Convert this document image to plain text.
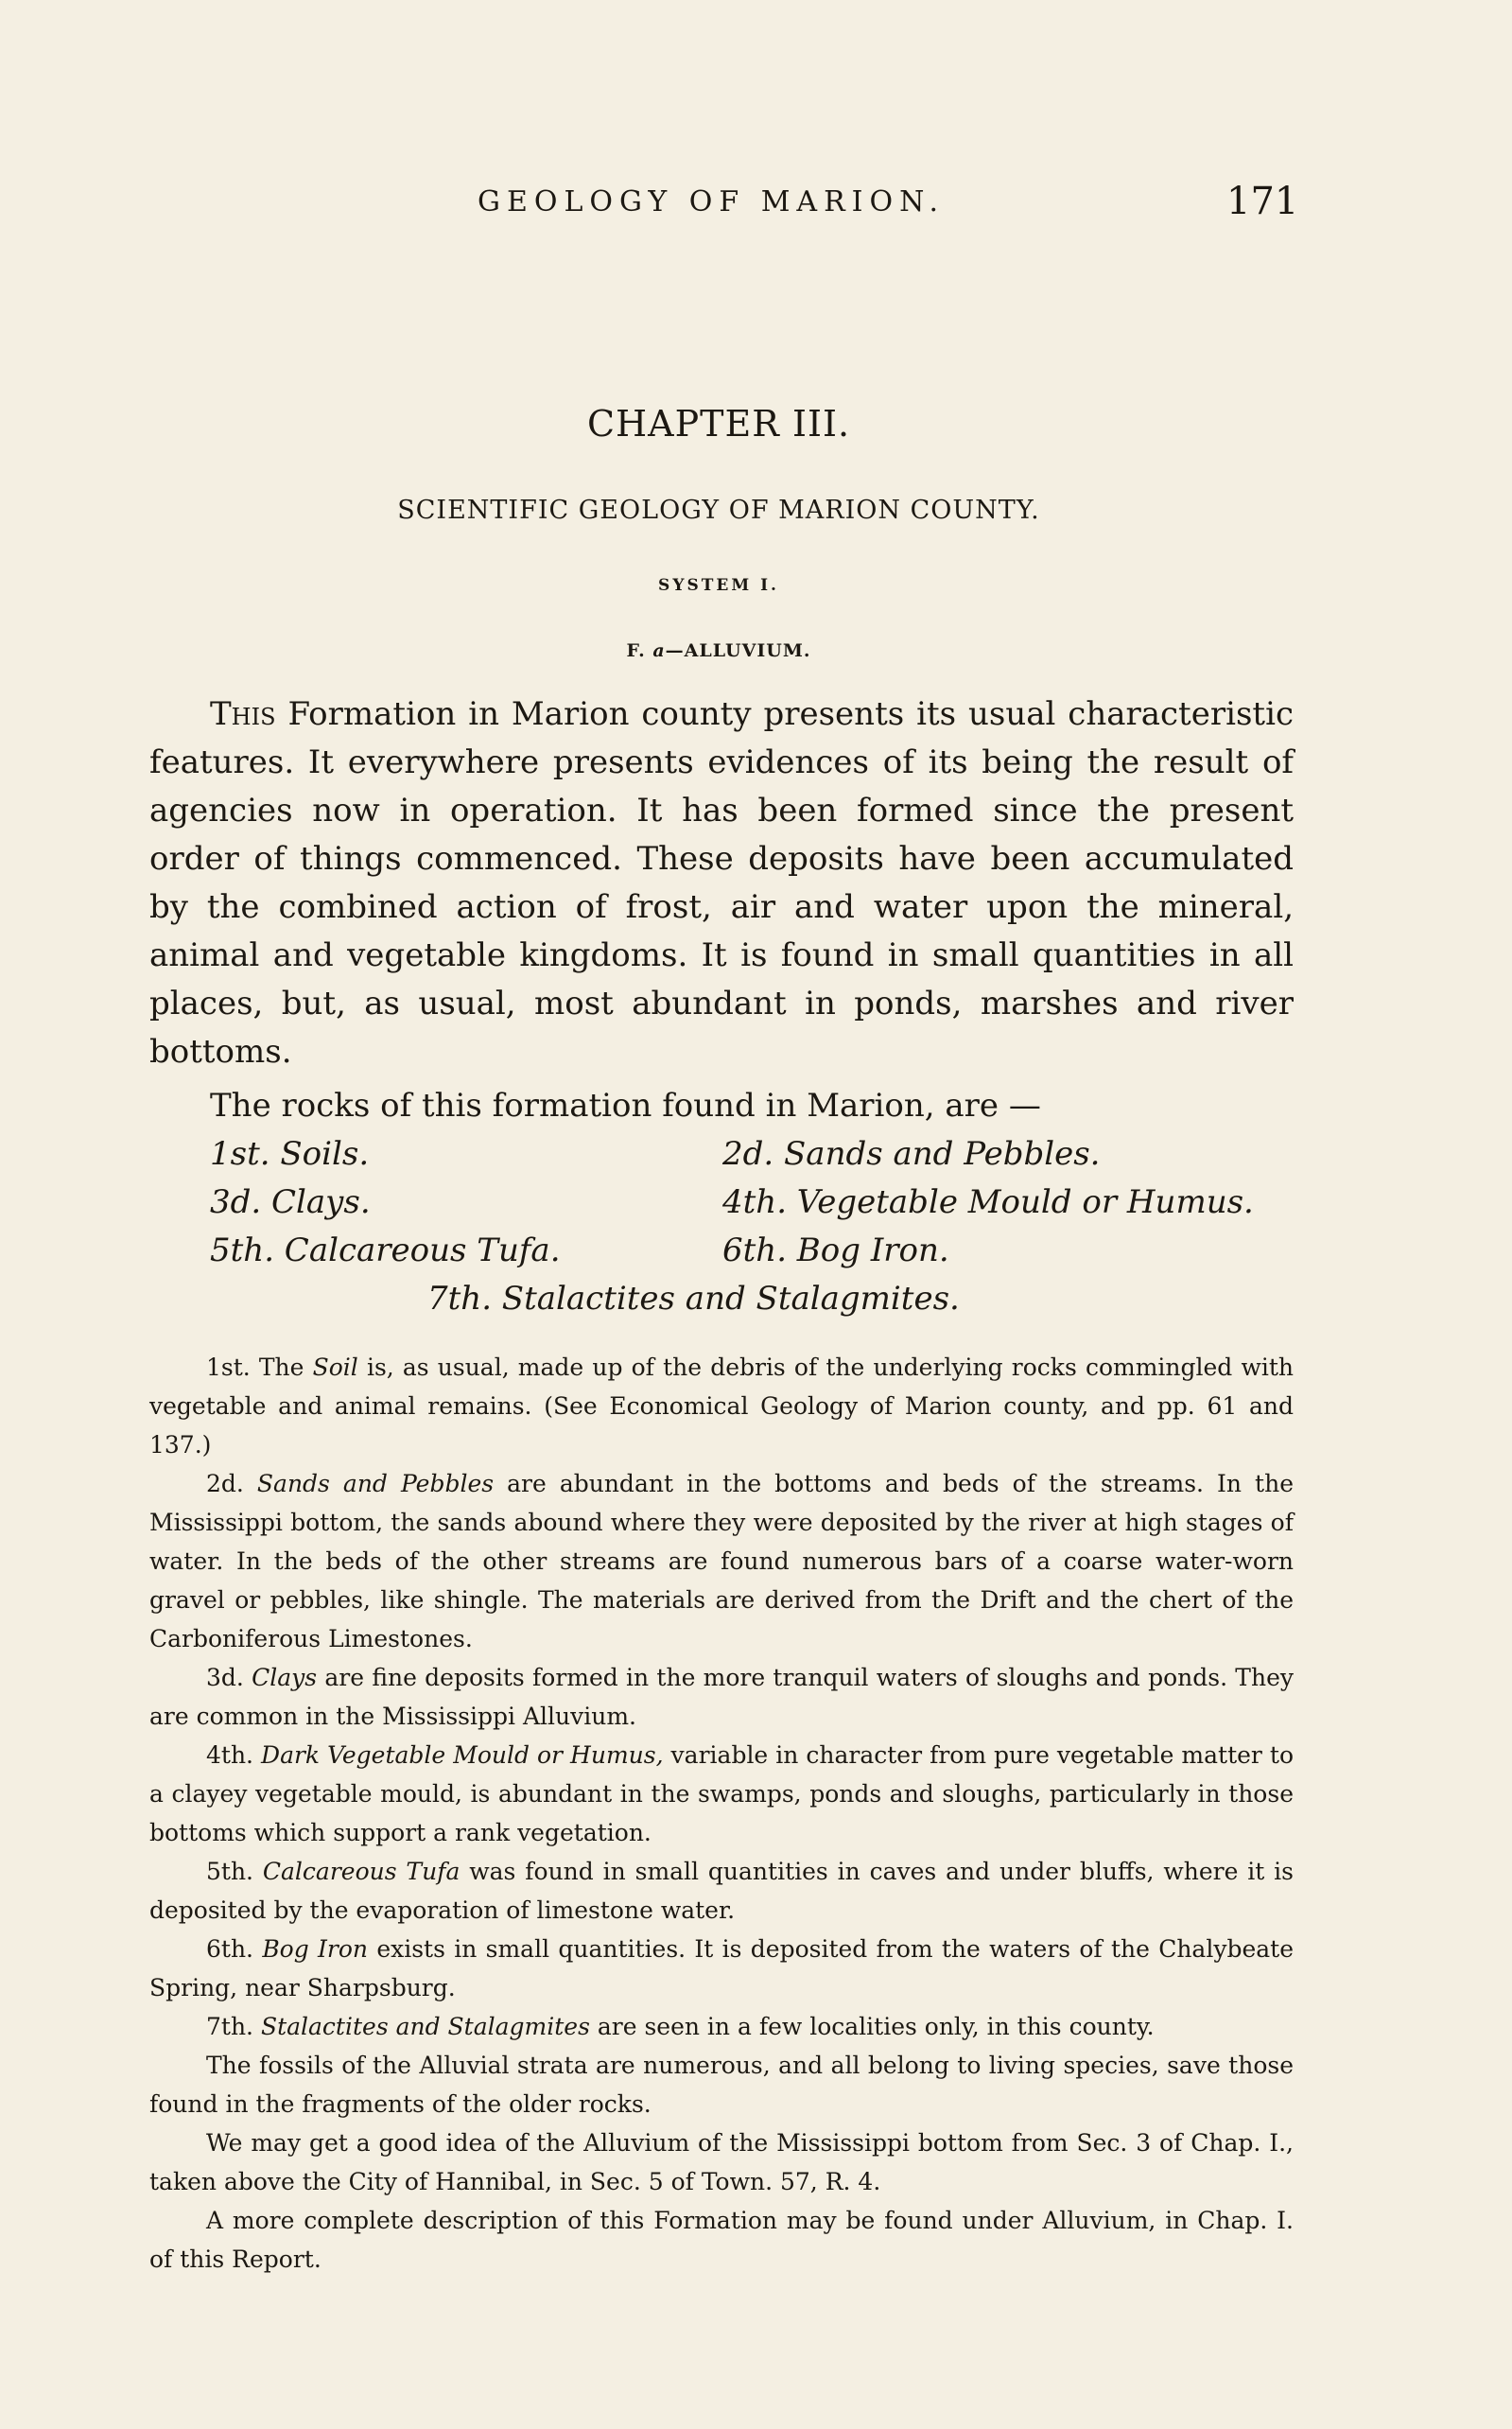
GEOLOGY OF MARION.	171
CHAPTER III.
SCIENTIFIC GEOLOGY OF MARION COUNTY.
SYSTEM I.
F. a—ALLUVIUM.

This Formation in Marion county presents its usual characteristic features. It everywhere presents evidences of its being the result of agencies now in operation. It has been formed since the present order of things commenced. These deposits have been accumulated by the combined action of frost, air and water upon the mineral, animal and vegetable kingdoms. It is found in small quantities in all places, but, as usual, most abundant in ponds, marshes and river bottoms.

The rocks of this formation found in Marion, are —

1st. Soils.	2d. Sands and Pebbles.
3d. Clays.	4th. Vegetable Mould or Humus.
5th. Calcareous Tufa.	6th. Bog Iron.
7th. Stalactites and Stalagmites.

1st. The Soil is, as usual, made up of the debris of the underlying rocks commingled with vegetable and animal remains. (See Economical Geology of Marion county, and pp. 61 and 137.)

2d. Sands and Pebbles are abundant in the bottoms and beds of the streams. In the Mississippi bottom, the sands abound where they were deposited by the river at high stages of water. In the beds of the other streams are found numerous bars of a coarse water-worn gravel or pebbles, like shingle. The materials are derived from the Drift and the chert of the Carboniferous Limestones.

3d. Clays are fine deposits formed in the more tranquil waters of sloughs and ponds. They are common in the Mississippi Alluvium.

4th. Dark Vegetable Mould or Humus, variable in character from pure vegetable matter to a clayey vegetable mould, is abundant in the swamps, ponds and sloughs, particularly in those bottoms which support a rank vegetation.

5th. Calcareous Tufa was found in small quantities in caves and under bluffs, where it is deposited by the evaporation of limestone water.

6th. Bog Iron exists in small quantities. It is deposited from the waters of the Chalybeate Spring, near Sharpsburg.

7th. Stalactites and Stalagmites are seen in a few localities only, in this county.

The fossils of the Alluvial strata are numerous, and all belong to living species, save those found in the fragments of the older rocks.

We may get a good idea of the Alluvium of the Mississippi bottom from Sec. 3 of Chap. I., taken above the City of Hannibal, in Sec. 5 of Town. 57, R. 4.

A more complete description of this Formation may be found under Alluvium, in Chap. I. of this Report.
